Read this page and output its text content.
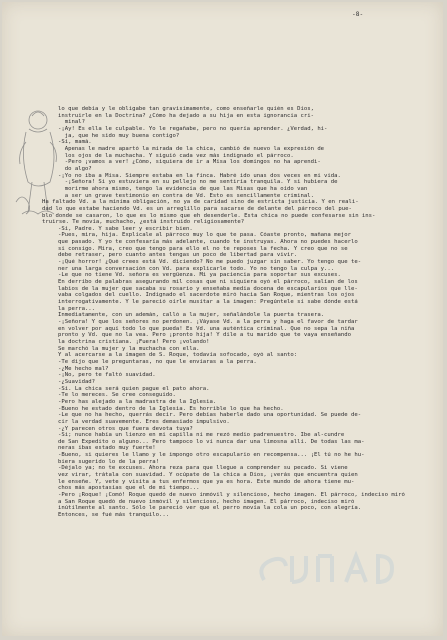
-8-
lo que debía y le obligabe tan gravisimamente, como enseñarle quién es Dios,
instruirle en la Doctrina? ¿Cómo ha dejado a su hija en esta ignorancia cri-
minal?
-¡Ay! Es ella le culpable. Yo le regañabe, pero no quería aprender. ¿Verdad, hi-
ja, que he sido muy buena contigo?
-Sí, mamá.
Apenas le madre apartó la mirada de la chica, cambió de nuevo la expresión de
los ojos de la muchacha. Y siguió cada vez más indignado el párroco.
-Pero ¡vamos a ver! ¿Cómo, siquiera de ir a Misa los domingos no ha aprendi-
do algo?
-¡Yo no iba a Misa. Siempre estaba en la finca. Habré ido unas dos veces en mi vida.
-¡Señora! Si yo estuviera en su pellejo no me sentiría tranquila. Y si hubiera de
morirme ahora mismo, tengo la evidencia de que las Misas que ha oído van
a ser un grave testimonio en contra de Vd. Esto es sencillamente criminal.
Ha faltado Vd. a la mínima obligación, no ya de caridad sino de estricta justicia. Y en reali-
dad lo que estabe haciendo Vd. es un arreglillo para sacarse de delante del párroco del pue-
blo donde se casaron, lo que es lo mismo que eh desenderle. Esta chica no puede confesarse sin ins-
truirse. Te movía, muchacho, ¿está instruido religiosamente?
-Sí, Padre. Y sabe leer y escribir bien.
-Pues, mira, hija. Explícale al párroco muy lo que te pasa. Cóaste pronto, mañana mejor
que pasado. Y yo te confesaría más adelante, cuando te instruyas. Ahora no puedes hacerlo
si consigo. Mira, creo que tengo para ello el no te reposes la fecha. Y creo que no se
debe retraser, pero cuanto antes tengas un poco de libertad para vivir.
-¡Qué horror! ¿Qué crees está Vd. diciendo? No me puedo juzgar sin saber. Yo tengo que te-
ner una larga conversación con Vd. para explicarle todo. Yo no tengo la culpa y...
-Le que no tiene Vd. señora es vergüenza. Mi ya paciencia para soportar sus excuses.
En derribo de palabras asegurando mil cosas que ni siquiera oyó el párroco, salían de los
labios de la mujer que sacaba su rosario y enseñaba media docena de escapularios que lle-
vaba colgados del cuello. Indignado el sacerdote miró hacia San Roque, mientras los ojos
interrogativamente. Y le pareció oírle musitar a la imagen: Pregúntele si sabe dónde está
la perra...
Inmediatamente, con un ademán, calló a la mujer, señalándole la puerta trasera.
-¡Señora! Y que los señores no perdonen. ¡Váyase Vd. a la perra y haga el favor de tardar
en volver por aquí todo lo que pueda! Es Vd. una auténtica criminal. Que no sepa la niña
pronto y Vd. que no la vea. Pero ¡pronto hija! Y dile a tu marido que te vaya enseñando
la doctrina cristiana. ¡Fuera! Pero ¡volando!
Se marchó la mujer y la muchacha con ella.
Y al acercarse a la imagen de S. Roque, todavía sofocado, oyó al santo:
-Te dijo que le preguntaras, no que le enviaras a la perra.
-¿Me hecho mal?
-¡No, pero te faltó suavidad.
-¿Suavidad?
-Sí. La chica será quien pague el pato ahora.
-Te lo mereces. Se cree conseguido.
-Pero has alejado a la madrastra de la Iglesia.
-Bueno he estado dentro de la Iglesia. Es horrible lo que ha hecho.
-Le que no ha hecho, querrás decir. Pero debías haberle dado una oportunidad. Se puede de-
cir la verdad suavemente. Eres demasiado impulsivo.
-¿Y parecen otros que fuera devota tuya?
-Si; nunce había un lienzo en mi capilla ni me rezó medio padrenuestro. Ibe al-cundre
de San Expedito o alguno... Pero tampoco lo vi nunca dar una limosna allí. De todas las ma-
neras ibas estado muy fuerte!
-Bueno, si quieres le llamo y le impongo otro escapulario en recompensa... ¡El tú no he hu-
biera sugerido lo de la perra!
-Déjalo ya; no te excuses. Ahora reza para que llegue a comprender su pecado. Si viene
vez virar, trátala con suavidad. Y ocúpate de la chica a Dios, ¡verás que encuentra quien
le enseñe. Y, vete y visita a tus enfermos que ya es hora. Este mundo de ahora tiene mu-
chos más apostasías que el de mi tiempo...
-Pero ¡Roque! ¡Comó! Roque quedó de nuevo inmóvil y silencioso, hecho imagen. El párroco, indeciso miró
a San Roque quedó de nuevo inmóvil y silencioso, hecho imagen. El párroco, indeciso miró
inútilmente al santo. Sólo le pareció ver que el perro movía la cola un poco, con alegría.
Entonces, se fué más tranquilo...
